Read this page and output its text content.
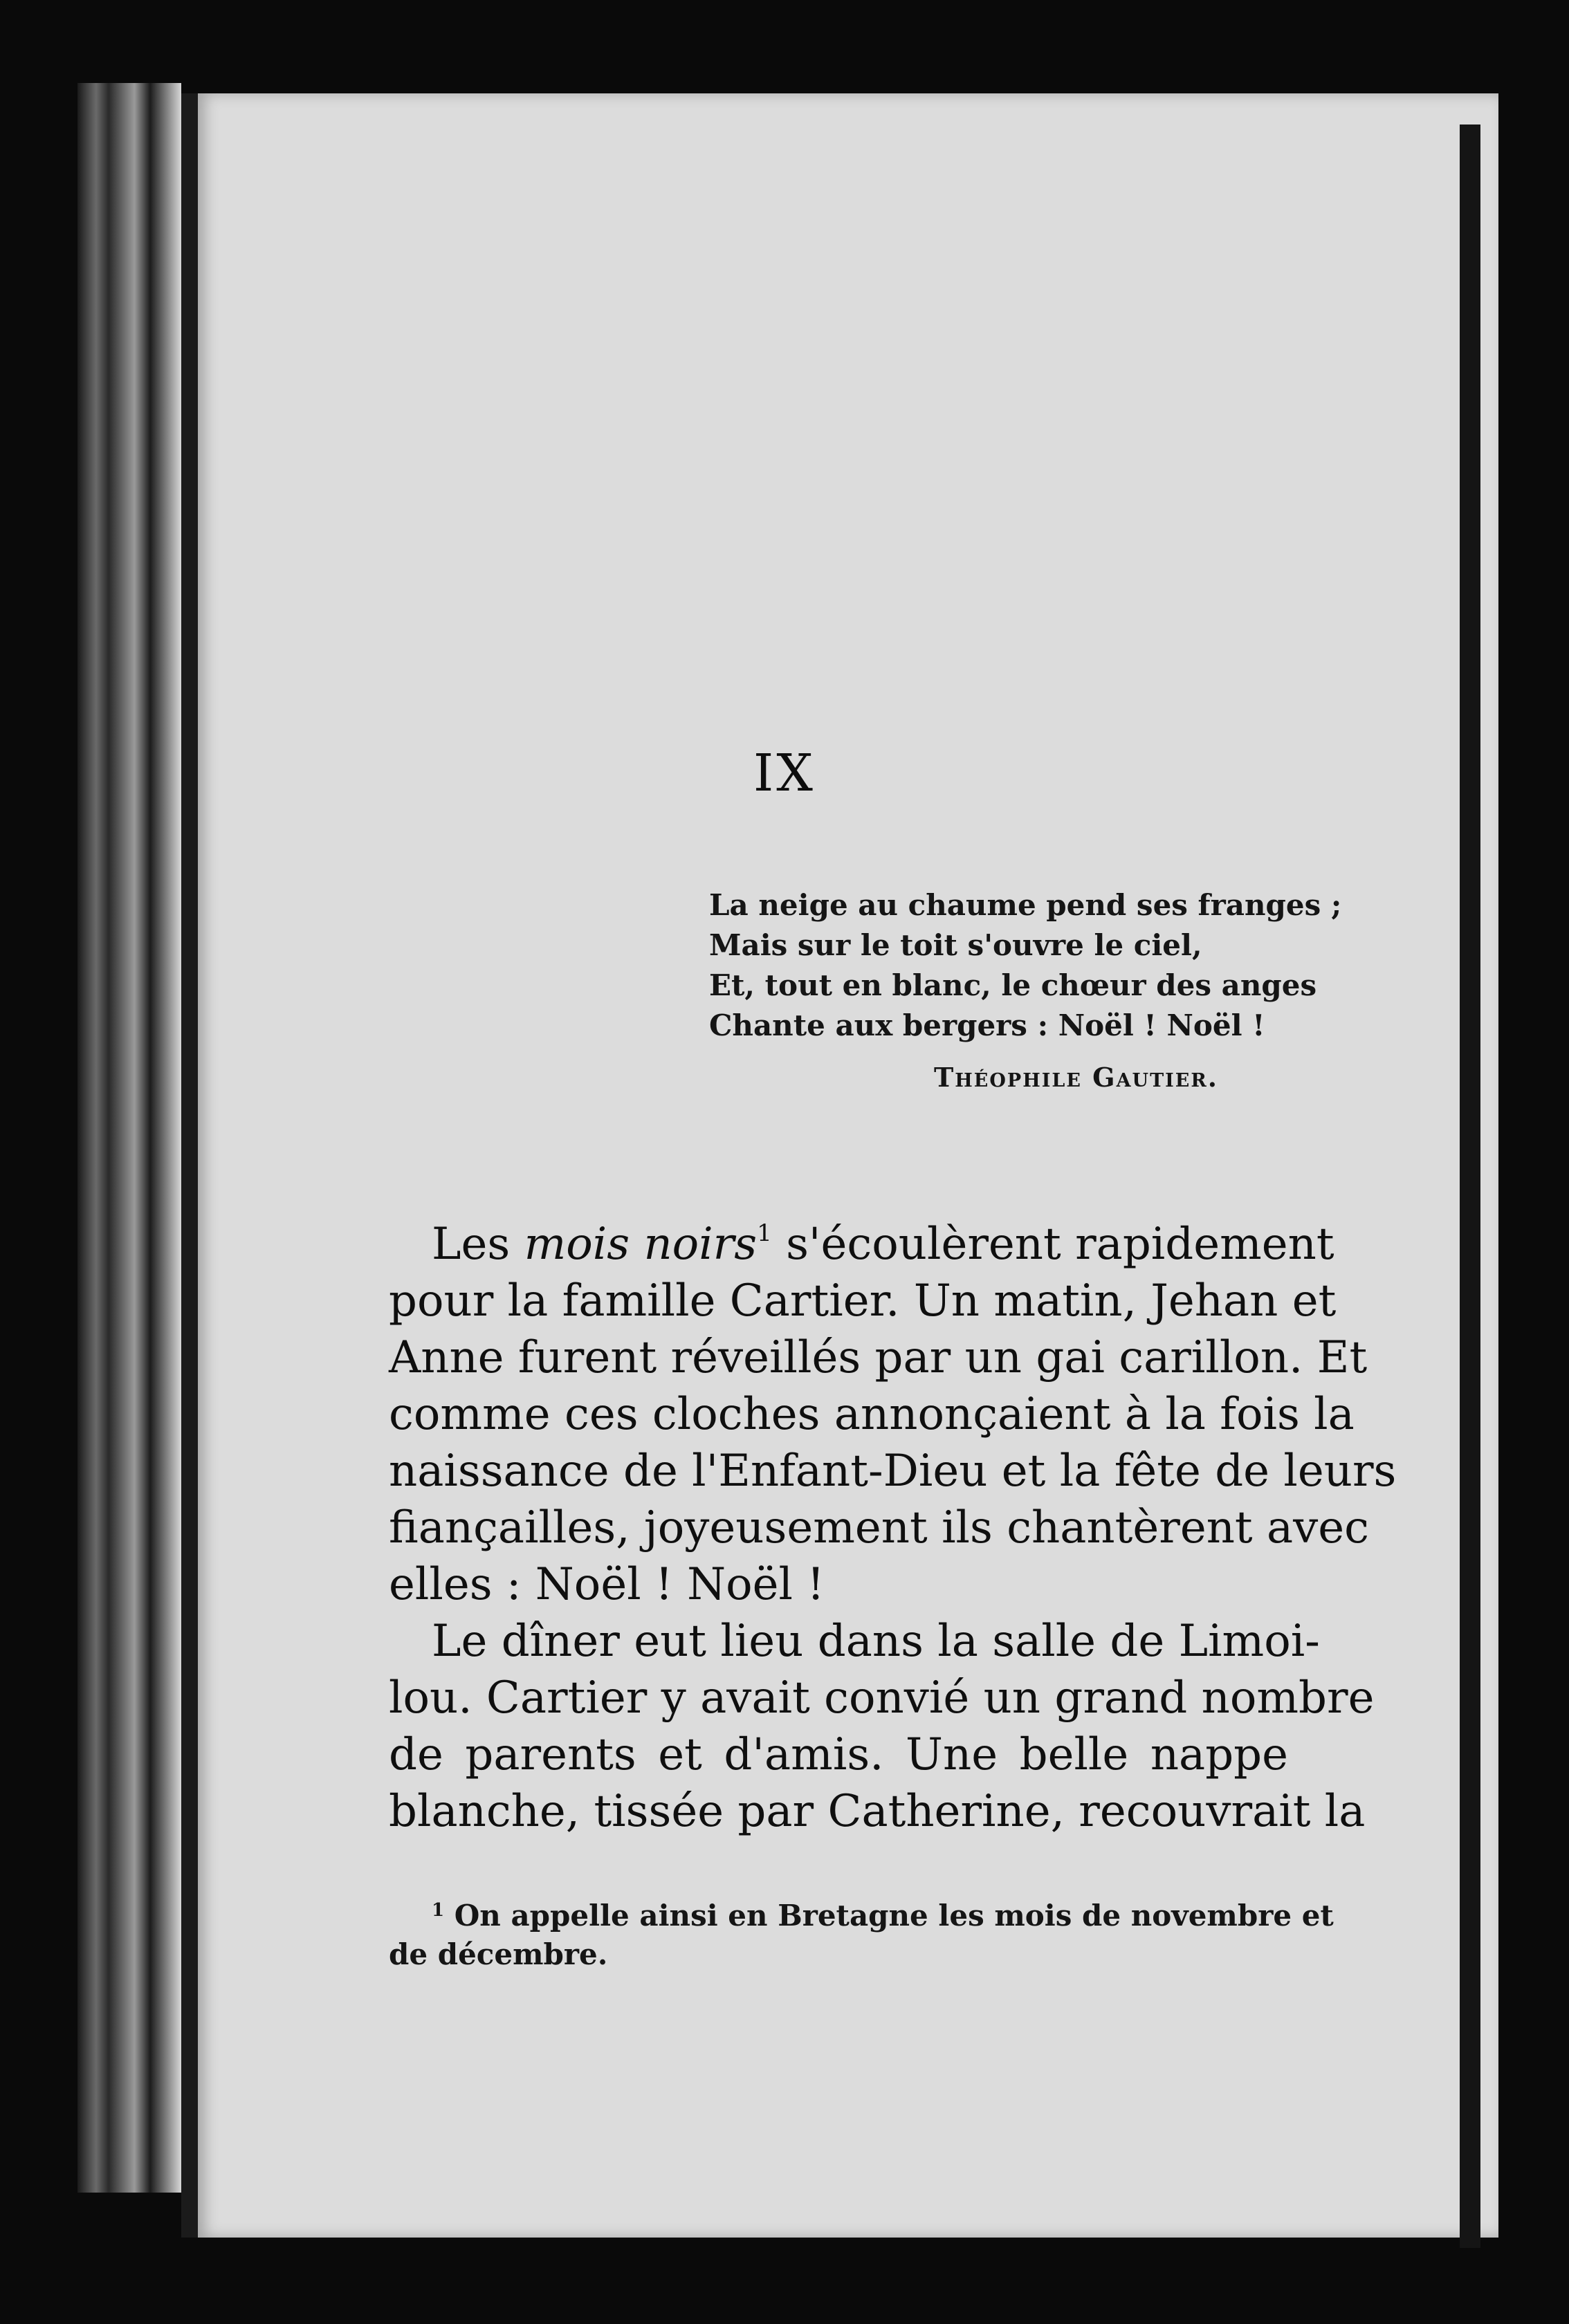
IX
La neige au chaume pend ses franges ;
Mais sur le toit s'ouvre le ciel,
Et, tout en blanc, le chœur des anges
Chante aux bergers : Noël ! Noël !
Théophile Gautier.
Les mois noirs$^1$ s'écoulèrent rapidement
pour la famille Cartier. Un matin, Jehan et
Anne furent réveillés par un gai carillon. Et
comme ces cloches annonçaient à la fois la
naissance de l'Enfant-Dieu et la fête de leurs
fiançailles, joyeusement ils chantèrent avec
elles : Noël ! Noël !
Le dîner eut lieu dans la salle de Limoi-
lou. Cartier y avait convié un grand nombre
de parents et d'amis. Une belle nappe
blanche, tissée par Catherine, recouvrait la
$^1$ On appelle ainsi en Bretagne les mois de novembre et
de décembre.
